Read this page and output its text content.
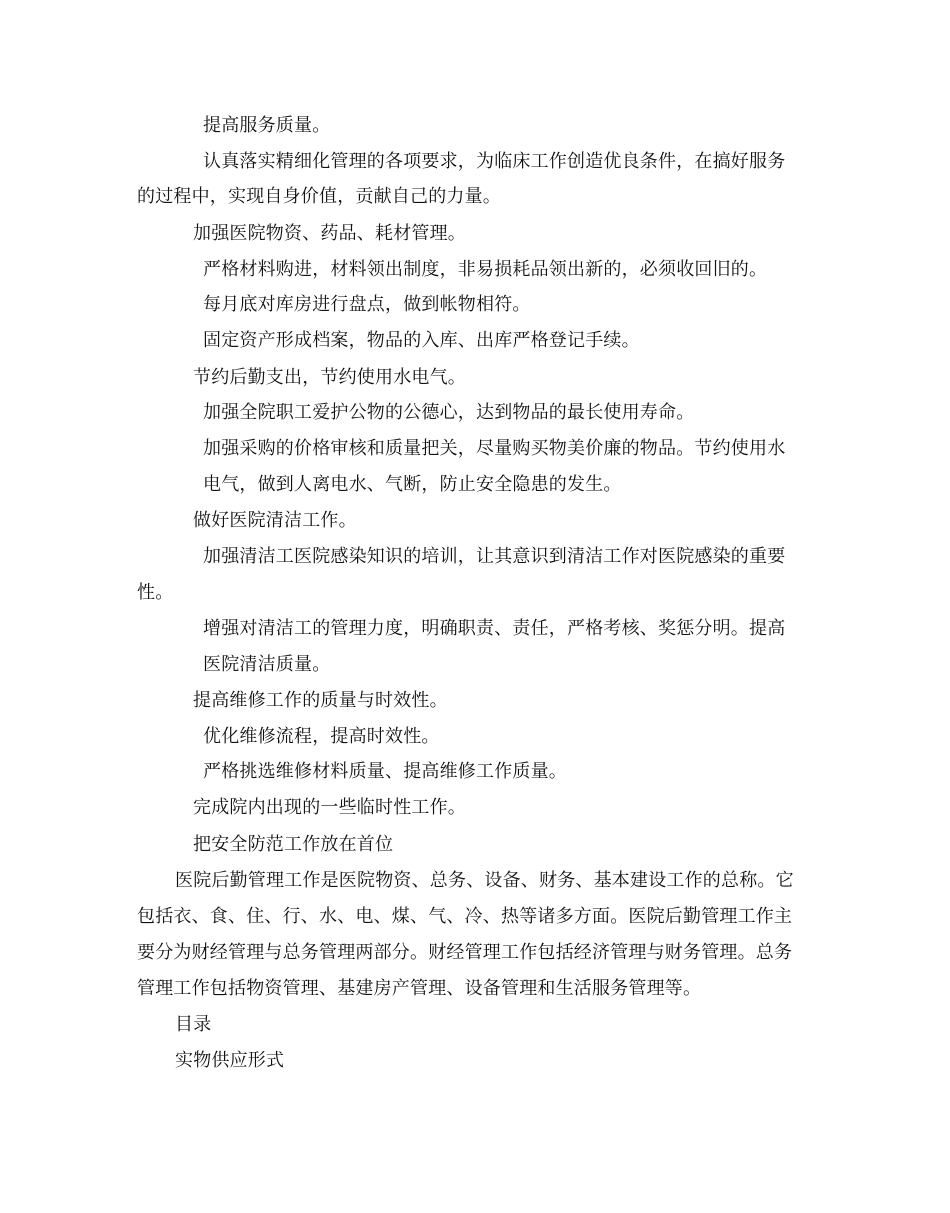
提高服务质量。
认真落实精细化管理的各项要求，为临床工作创造优良条件，在搞好服务
的过程中，实现自身价值，贡献自己的力量。
加强医院物资、药品、耗材管理。
严格材料购进，材料领出制度，非易损耗品领出新的，必须收回旧的。
每月底对库房进行盘点，做到帐物相符。
固定资产形成档案，物品的入库、出库严格登记手续。
节约后勤支出，节约使用水电气。
加强全院职工爱护公物的公德心，达到物品的最长使用寿命。
加强采购的价格审核和质量把关，尽量购买物美价廉的物品。节约使用水
电气，做到人离电水、气断，防止安全隐患的发生。
做好医院清洁工作。
加强清洁工医院感染知识的培训，让其意识到清洁工作对医院感染的重要
性。
增强对清洁工的管理力度，明确职责、责任，严格考核、奖惩分明。提高
医院清洁质量。
提高维修工作的质量与时效性。
优化维修流程，提高时效性。
严格挑选维修材料质量、提高维修工作质量。
完成院内出现的一些临时性工作。
把安全防范工作放在首位
医院后勤管理工作是医院物资、总务、设备、财务、基本建设工作的总称。它
包括衣、食、住、行、水、电、煤、气、冷、热等诸多方面。医院后勤管理工作主
要分为财经管理与总务管理两部分。财经管理工作包括经济管理与财务管理。总务
管理工作包括物资管理、基建房产管理、设备管理和生活服务管理等。
目录
实物供应形式
